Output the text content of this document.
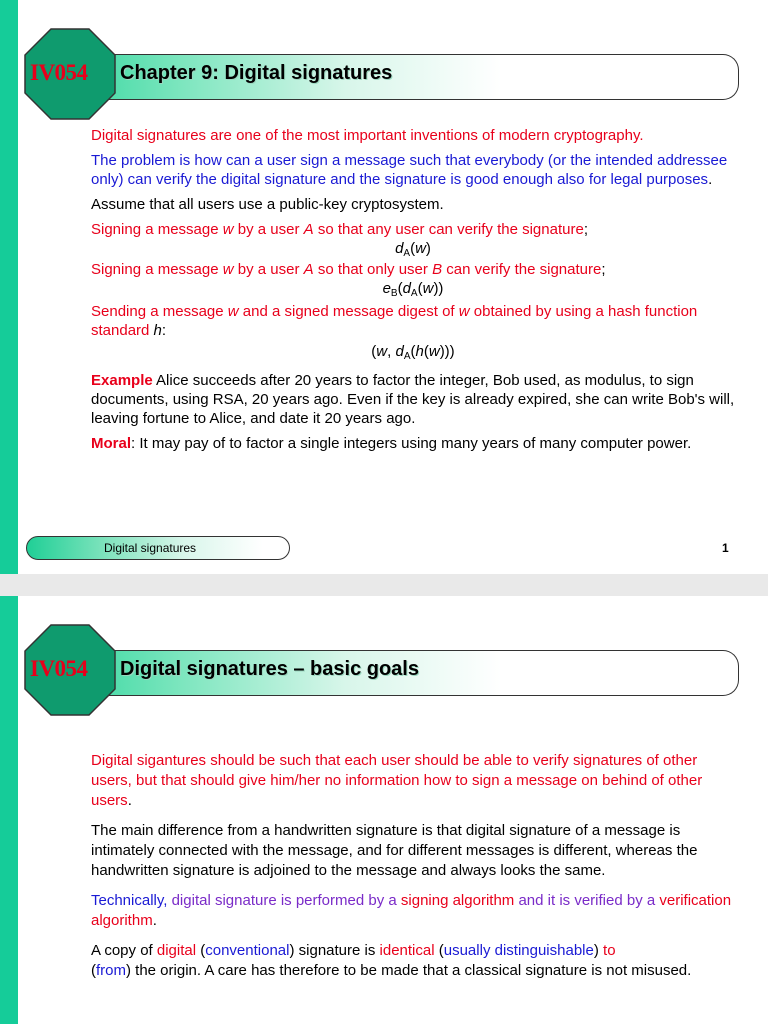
IV054	Chapter 9: Digital signatures

Digital signatures are one of the most important inventions of modern cryptography.

The problem is how can a user sign a message such that everybody (or the intended addressee only) can verify the digital signature and the signature is good enough also for legal purposes.

Assume that all users use a public-key cryptosystem.

Signing a message w by a user A so that any user can verify the signature;

$d_A(w)$

Signing a message w by a user A so that only user B can verify the signature;

$e_B(d_A(w))$

Sending a message w and a signed message digest of w obtained by using a hash function standard h:

(w, $d_A(h(w))$)

Example Alice succeeds after 20 years to factor the integer, Bob used, as modulus, to sign documents, using RSA, 20 years ago. Even if the key is already expired, she can write Bob's will, leaving fortune to Alice, and date it 20 years ago.

Moral: It may pay of to factor a single integers using many years of many computer power.

Digital signatures	1
IV054	Digital signatures – basic goals

Digital sigantures should be such that each user should be able to verify signatures of other users, but that should give him/her no information how to sign a message on behind of other users.

The main difference from a handwritten signature is that digital signature of a message is intimately connected with the message, and for different messages is different, whereas the handwritten signature is adjoined to the message and always looks the same.

Technically, digital signature is performed by a signing algorithm and it is verified by a verification algorithm.

A copy of digital (conventional) signature is identical (usually distinguishable) to
(from) the origin. A care has therefore to be made that a classical signature is not misused.
